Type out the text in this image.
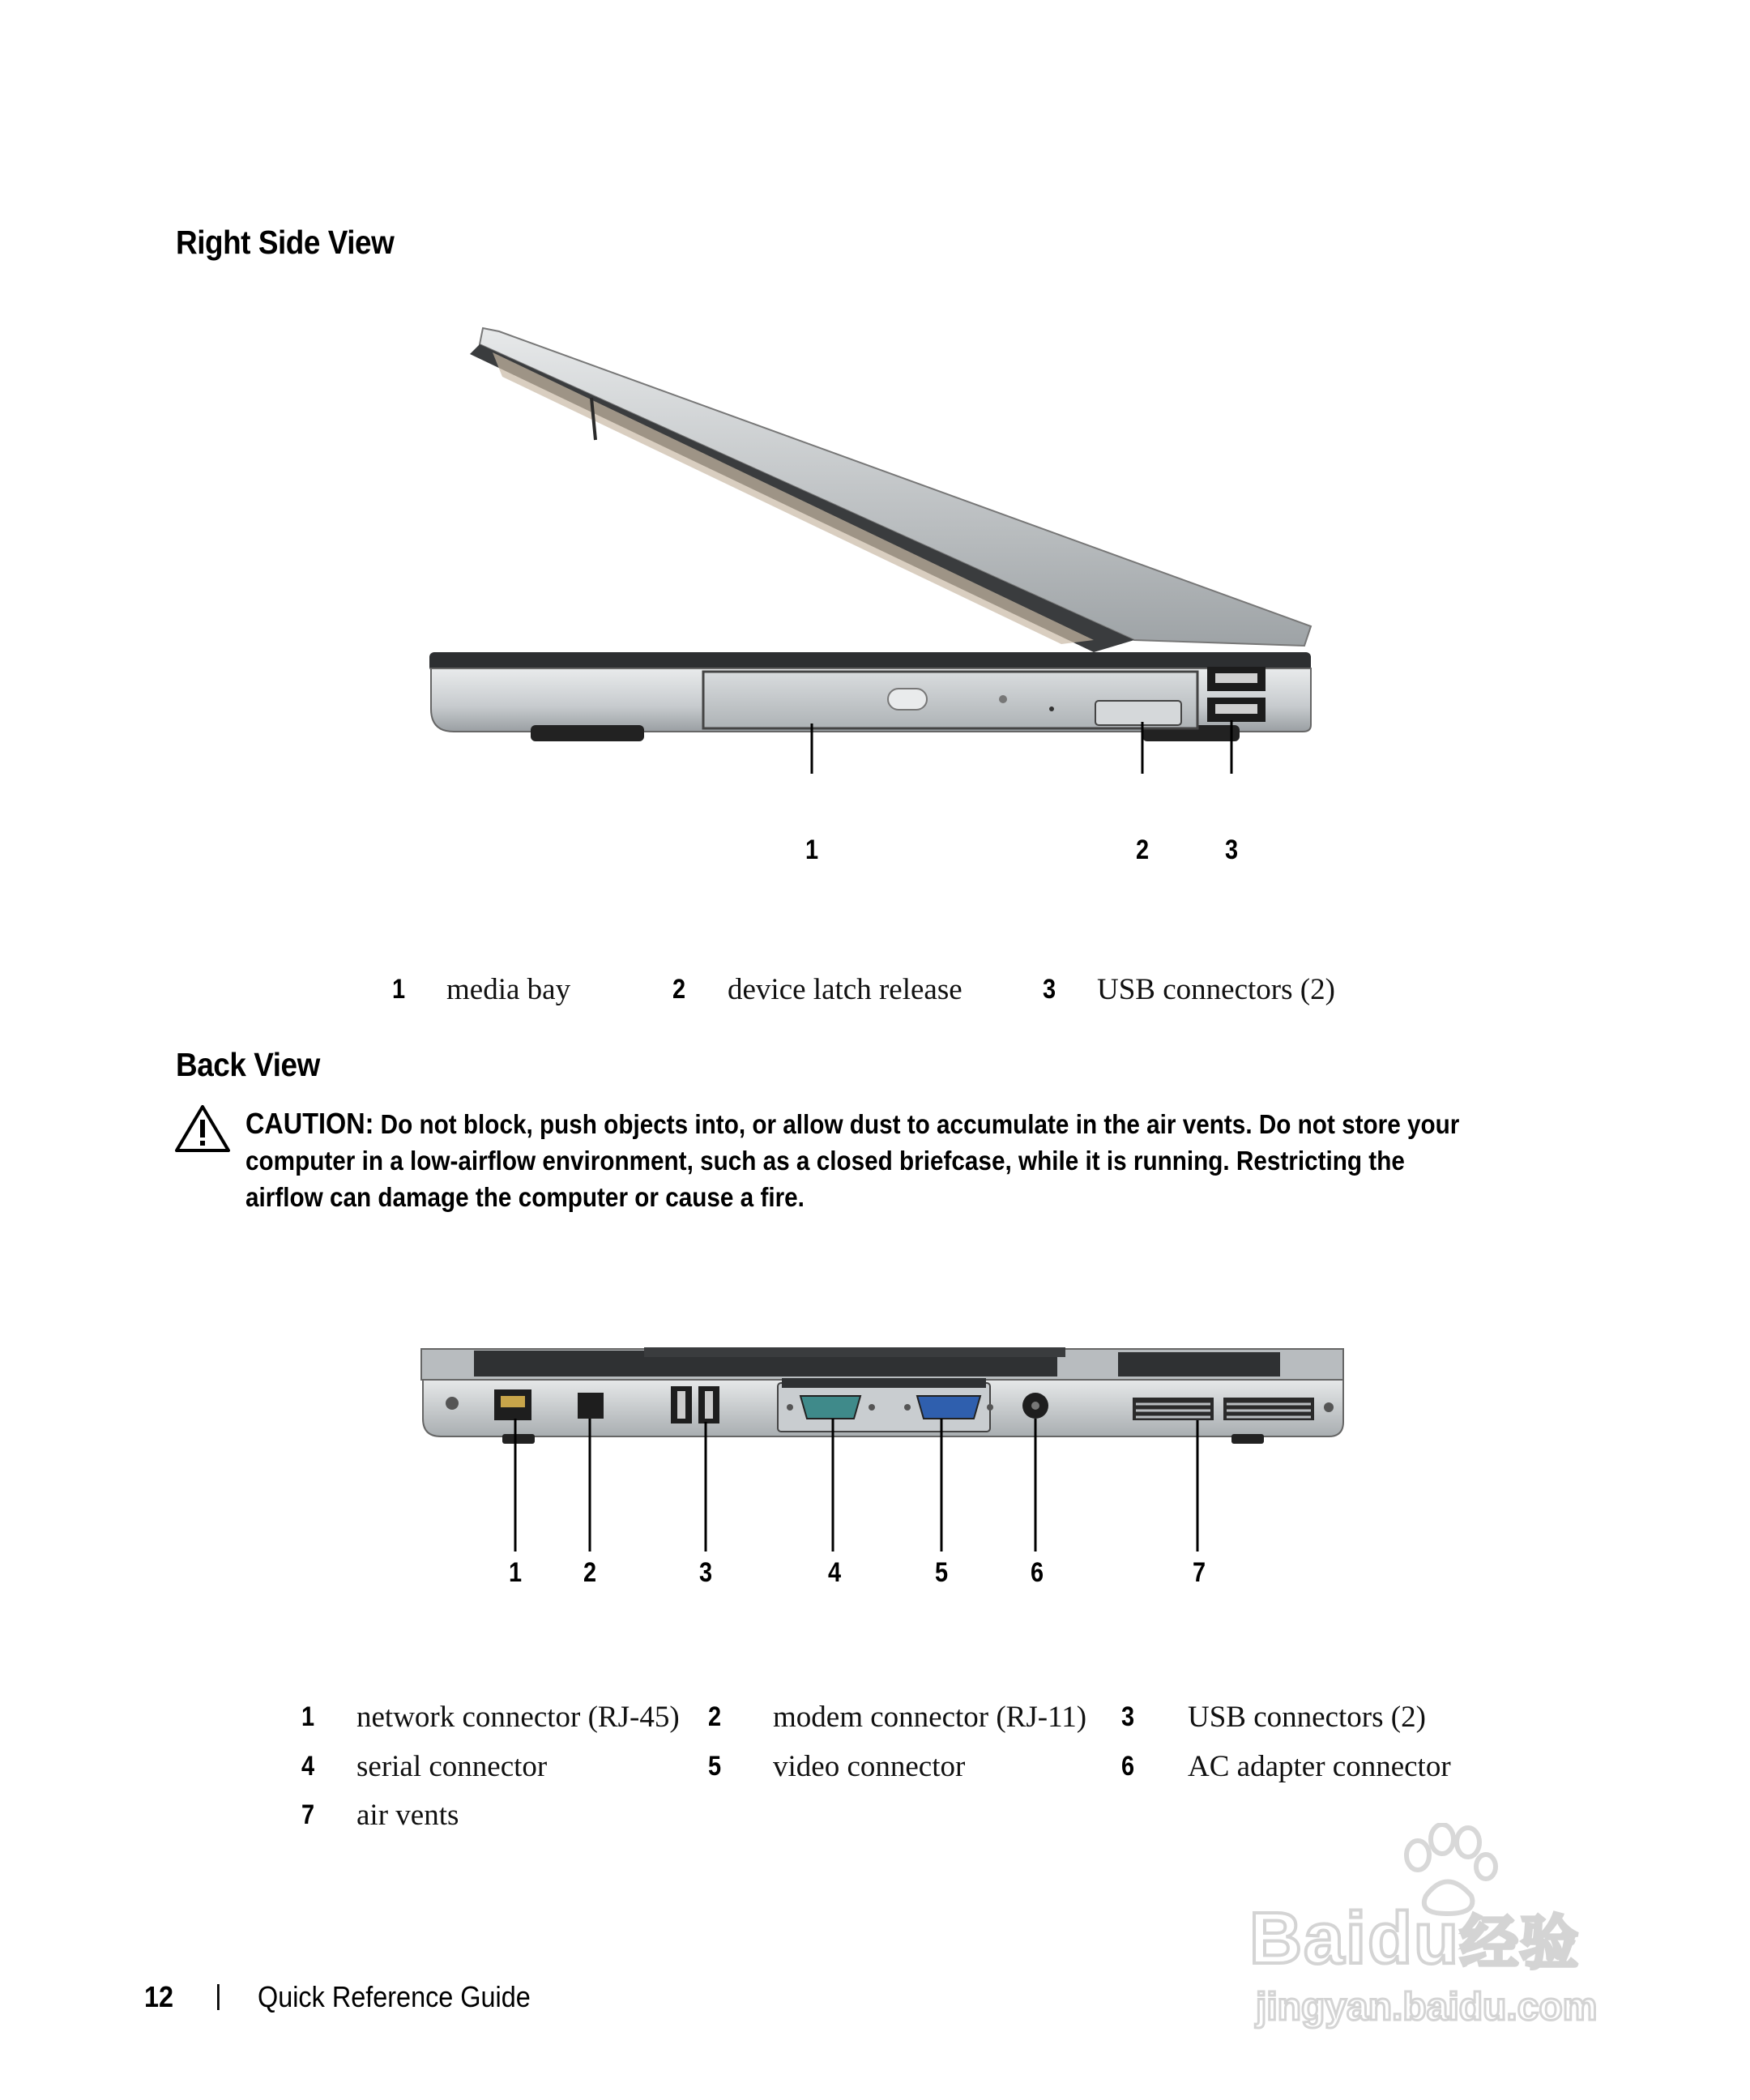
Right Side View
1	2	3
1 media bay	2 device latch release	3 USB connectors (2)
Back View
CAUTION: Do not block, push objects into, or allow dust to accumulate in the air vents. Do not store your computer in a low-airflow environment, such as a closed briefcase, while it is running. Restricting the airflow can damage the computer or cause a fire.
1 2	3	4	5	6	7
1 network connector (RJ-45) 2 modem connector (RJ-11) 3 USB connectors (2)
4 serial connector	5 video connector	6 AC adapter connector
7 air vents
12 | Quick Reference Guide
Baidu经验
jingyan.baidu.com
